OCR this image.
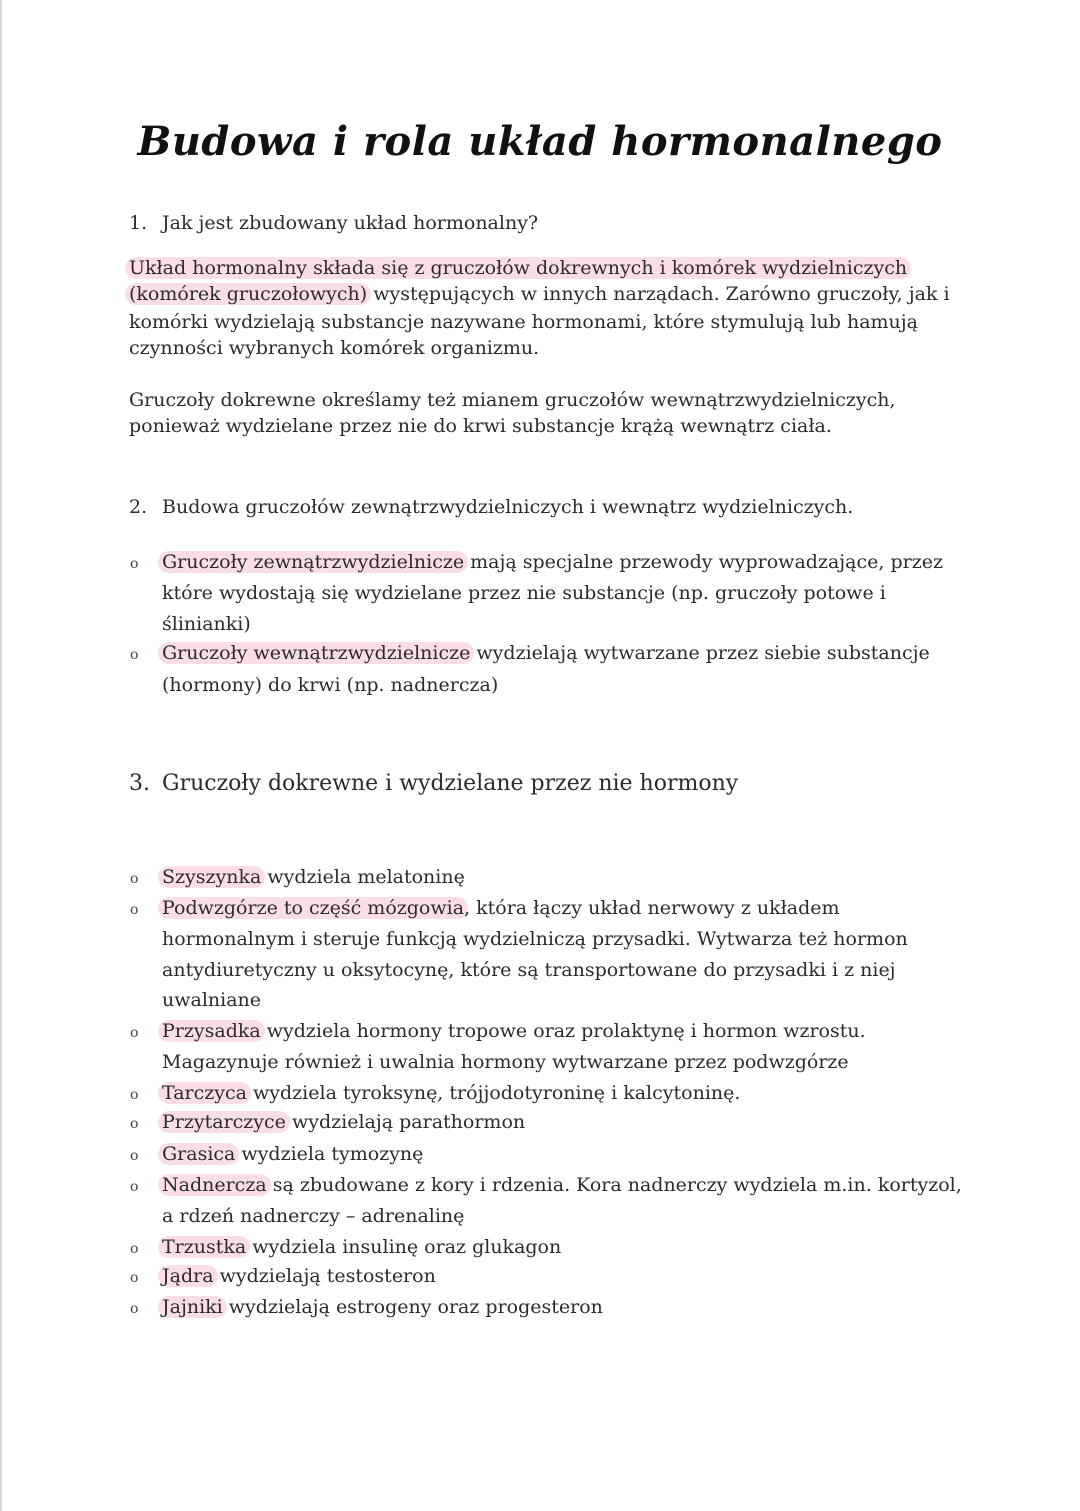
Budowa i rola układ hormonalnego
1. Jak jest zbudowany układ hormonalny?
Układ hormonalny składa się z gruczołów dokrewnych i komórek wydzielniczych
(komórek gruczołowych) występujących w innych narządach. Zarówno gruczoły, jak i
komórki wydzielają substancje nazywane hormonami, które stymulują lub hamują
czynności wybranych komórek organizmu.
Gruczoły dokrewne określamy też mianem gruczołów wewnątrzwydzielniczych,
ponieważ wydzielane przez nie do krwi substancje krążą wewnątrz ciała.
2. Budowa gruczołów zewnątrzwydzielniczych i wewnątrz wydzielniczych.
o Gruczoły zewnątrzwydzielnicze mają specjalne przewody wyprowadzające, przez
które wydostają się wydzielane przez nie substancje (np. gruczoły potowe i
ślinianki)
o Gruczoły wewnątrzwydzielnicze wydzielają wytwarzane przez siebie substancje
(hormony) do krwi (np. nadnercza)
3. Gruczoły dokrewne i wydzielane przez nie hormony
o Szyszynka wydziela melatoninę
o Podwzgórze to część mózgowia, która łączy układ nerwowy z układem
hormonalnym i steruje funkcją wydzielniczą przysadki. Wytwarza też hormon
antydiuretyczny u oksytocynę, które są transportowane do przysadki i z niej
uwalniane
o Przysadka wydziela hormony tropowe oraz prolaktynę i hormon wzrostu.
Magazynuje również i uwalnia hormony wytwarzane przez podwzgórze
o Tarczyca wydziela tyroksynę, trójjodotyroninę i kalcytoninę.
o Przytarczyce wydzielają parathormon
o Grasica wydziela tymozynę
o Nadnercza są zbudowane z kory i rdzenia. Kora nadnerczy wydziela m.in. kortyzol,
a rdzeń nadnerczy – adrenalinę
o Trzustka wydziela insulinę oraz glukagon
o Jądra wydzielają testosteron
o Jajniki wydzielają estrogeny oraz progesteron
